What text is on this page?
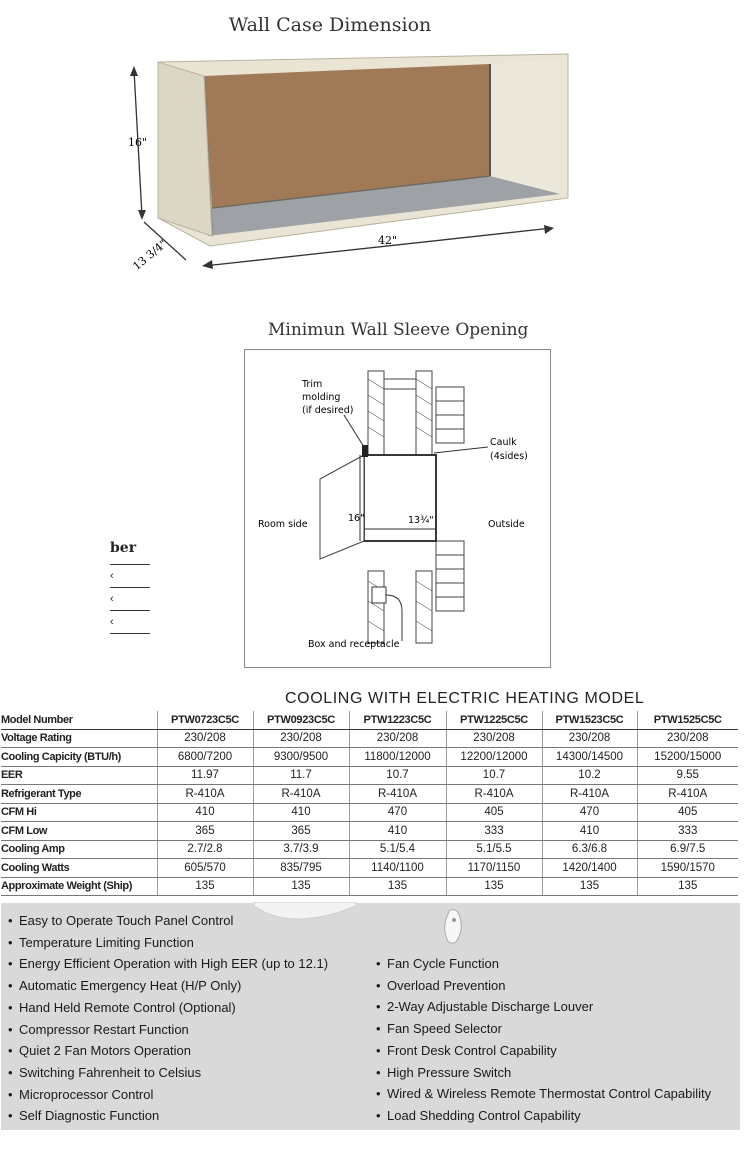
Wall Case Dimension
16"
13 3/4"	42"
Minimun Wall Sleeve Opening
Trim
molding
(if desired)
Caulk
(4sides)
Room side	Outside
16"	13¾"
Box and receptacle
ber
‹
‹
‹
COOLING WITH ELECTRIC HEATING MODEL
Model Number	PTW0723C5C	PTW0923C5C	PTW1223C5C	PTW1225C5C	PTW1523C5C	PTW1525C5C
Voltage Rating	230/208	230/208	230/208	230/208	230/208	230/208
Cooling Capicity (BTU/h)	6800/7200	9300/9500	11800/12000	12200/12000	14300/14500	15200/15000
EER	11.97	11.7	10.7	10.7	10.2	9.55
Refrigerant Type	R-410A	R-410A	R-410A	R-410A	R-410A	R-410A
CFM Hi	410	410	470	405	470	405
CFM Low	365	365	410	333	410	333
Cooling Amp	2.7/2.8	3.7/3.9	5.1/5.4	5.1/5.5	6.3/6.8	6.9/7.5
Cooling Watts	605/570	835/795	1140/1100	1170/1150	1420/1400	1590/1570
Approximate Weight (Ship)	135	135	135	135	135	135
• Easy to Operate Touch Panel Control
• Temperature Limiting Function
• Energy Efficient Operation with High EER (up to 12.1)
• Automatic Emergency Heat (H/P Only)
• Hand Held Remote Control (Optional)
• Compressor Restart Function
• Quiet 2 Fan Motors Operation
• Switching Fahrenheit to Celsius
• Microprocessor Control
• Self Diagnostic Function
• Fan Cycle Function
• Overload Prevention
• 2-Way Adjustable Discharge Louver
• Fan Speed Selector
• Front Desk Control Capability
• High Pressure Switch
• Wired & Wireless Remote Thermostat Control Capability
• Load Shedding Control Capability
